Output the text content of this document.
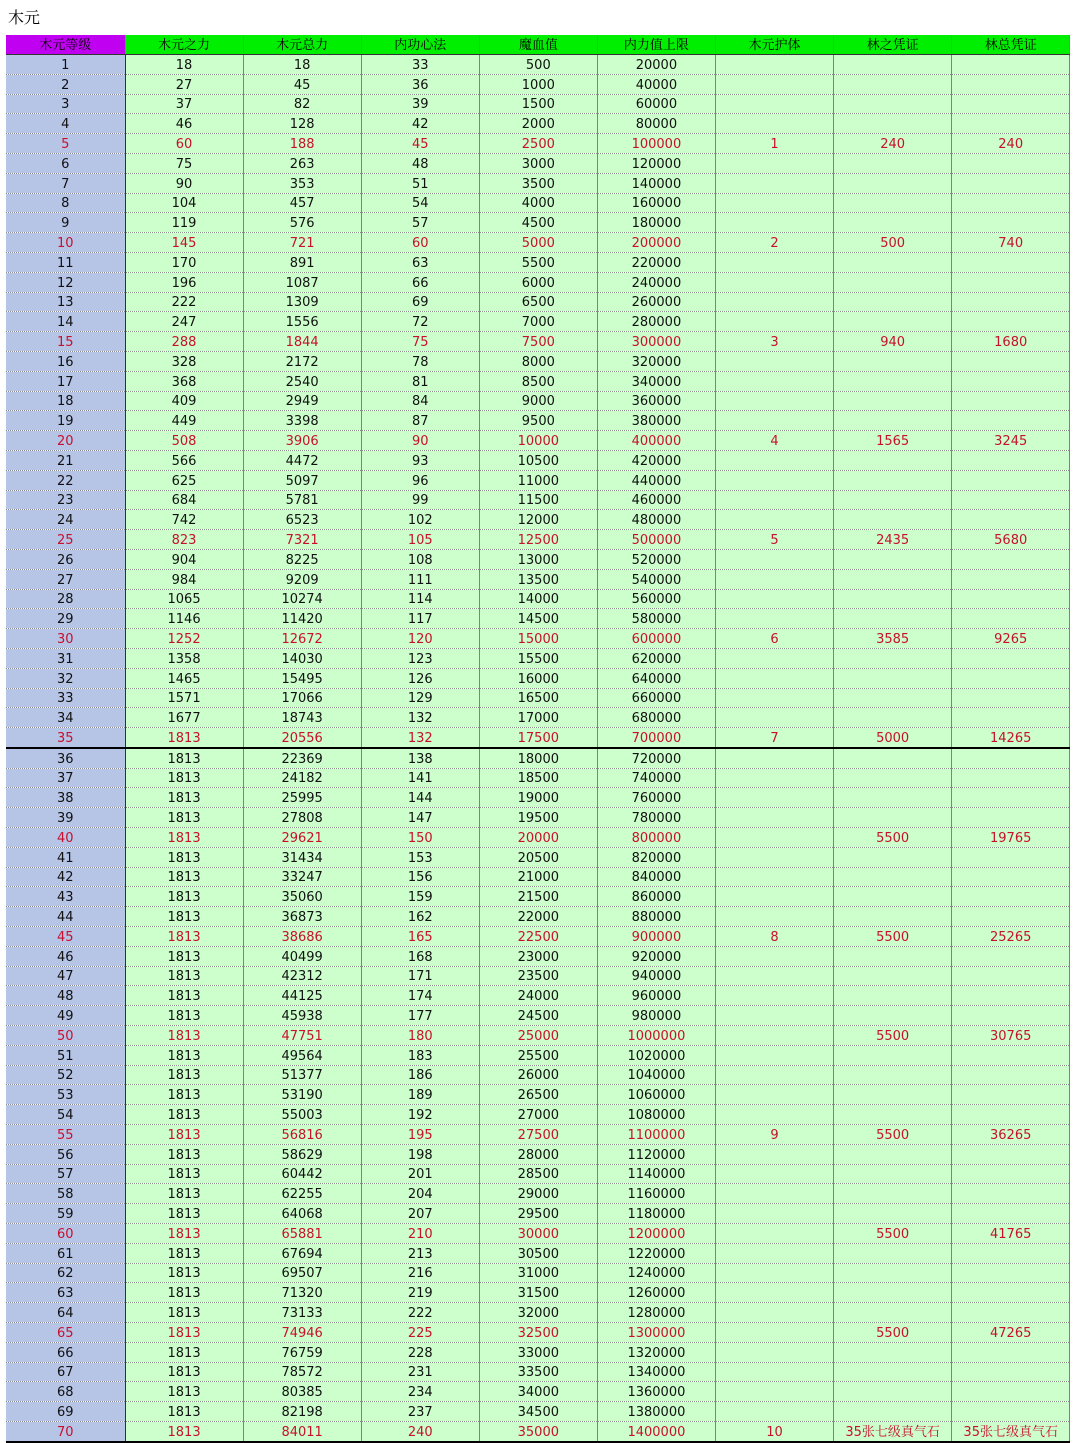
木元
木元等级	木元之力	木元总力	内功心法	魔血值	内力值上限	木元护体	林之凭证	林总凭证
1	18	18	33	500	20000			
2	27	45	36	1000	40000			
3	37	82	39	1500	60000			
4	46	128	42	2000	80000			
5	60	188	45	2500	100000	1	240	240
6	75	263	48	3000	120000			
7	90	353	51	3500	140000			
8	104	457	54	4000	160000			
9	119	576	57	4500	180000			
10	145	721	60	5000	200000	2	500	740
11	170	891	63	5500	220000			
12	196	1087	66	6000	240000			
13	222	1309	69	6500	260000			
14	247	1556	72	7000	280000			
15	288	1844	75	7500	300000	3	940	1680
16	328	2172	78	8000	320000			
17	368	2540	81	8500	340000			
18	409	2949	84	9000	360000			
19	449	3398	87	9500	380000			
20	508	3906	90	10000	400000	4	1565	3245
21	566	4472	93	10500	420000			
22	625	5097	96	11000	440000			
23	684	5781	99	11500	460000			
24	742	6523	102	12000	480000			
25	823	7321	105	12500	500000	5	2435	5680
26	904	8225	108	13000	520000			
27	984	9209	111	13500	540000			
28	1065	10274	114	14000	560000			
29	1146	11420	117	14500	580000			
30	1252	12672	120	15000	600000	6	3585	9265
31	1358	14030	123	15500	620000			
32	1465	15495	126	16000	640000			
33	1571	17066	129	16500	660000			
34	1677	18743	132	17000	680000			
35	1813	20556	132	17500	700000	7	5000	14265
36	1813	22369	138	18000	720000			
37	1813	24182	141	18500	740000			
38	1813	25995	144	19000	760000			
39	1813	27808	147	19500	780000			
40	1813	29621	150	20000	800000		5500	19765
41	1813	31434	153	20500	820000			
42	1813	33247	156	21000	840000			
43	1813	35060	159	21500	860000			
44	1813	36873	162	22000	880000			
45	1813	38686	165	22500	900000	8	5500	25265
46	1813	40499	168	23000	920000			
47	1813	42312	171	23500	940000			
48	1813	44125	174	24000	960000			
49	1813	45938	177	24500	980000			
50	1813	47751	180	25000	1000000		5500	30765
51	1813	49564	183	25500	1020000			
52	1813	51377	186	26000	1040000			
53	1813	53190	189	26500	1060000			
54	1813	55003	192	27000	1080000			
55	1813	56816	195	27500	1100000	9	5500	36265
56	1813	58629	198	28000	1120000			
57	1813	60442	201	28500	1140000			
58	1813	62255	204	29000	1160000			
59	1813	64068	207	29500	1180000			
60	1813	65881	210	30000	1200000		5500	41765
61	1813	67694	213	30500	1220000			
62	1813	69507	216	31000	1240000			
63	1813	71320	219	31500	1260000			
64	1813	73133	222	32000	1280000			
65	1813	74946	225	32500	1300000		5500	47265
66	1813	76759	228	33000	1320000			
67	1813	78572	231	33500	1340000			
68	1813	80385	234	34000	1360000			
69	1813	82198	237	34500	1380000			
70	1813	84011	240	35000	1400000	10	35张七级真气石	35张七级真气石
